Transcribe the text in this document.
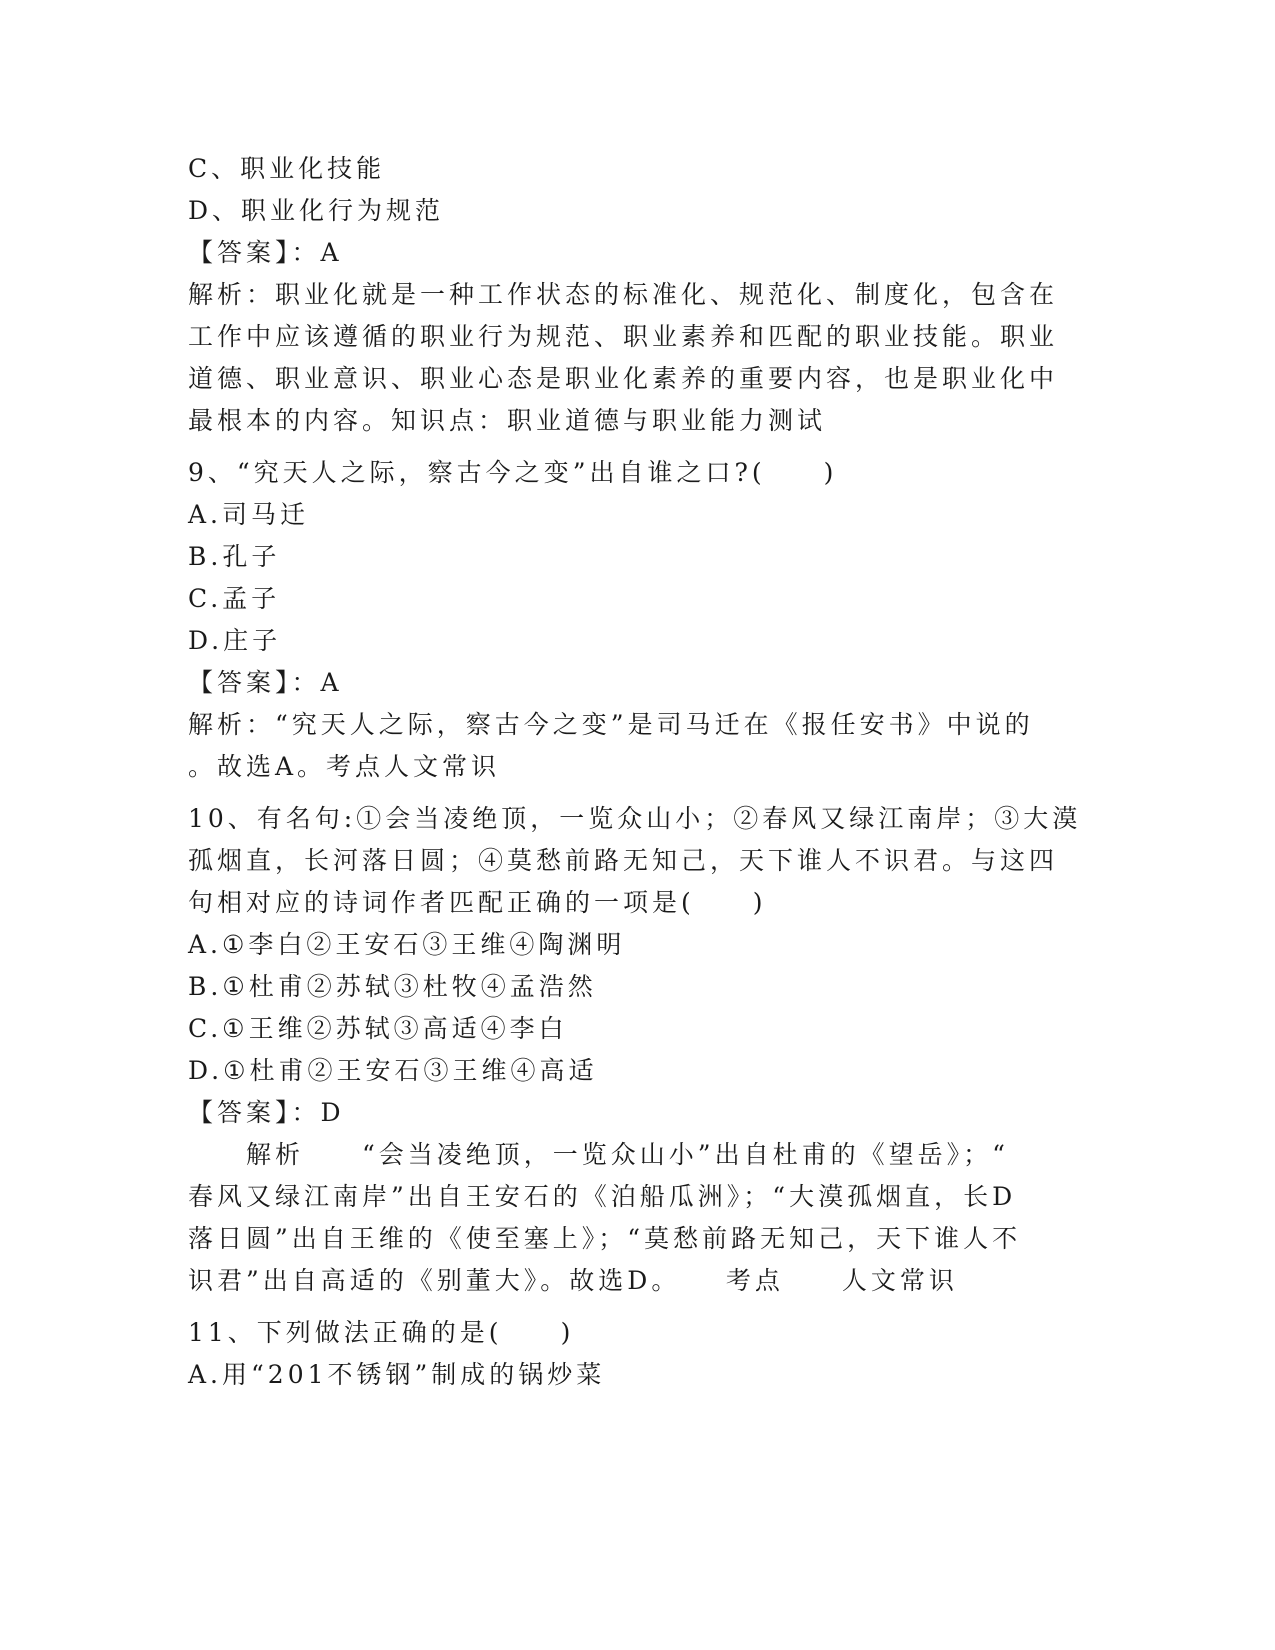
C、职业化技能
D、职业化行为规范
【答案】：A
解析：职业化就是一种工作状态的标准化、规范化、制度化，包含在
工作中应该遵循的职业行为规范、职业素养和匹配的职业技能。职业
道德、职业意识、职业心态是职业化素养的重要内容，也是职业化中
最根本的内容。知识点：职业道德与职业能力测试
9、“究天人之际，察古今之变”出自谁之口?(　　)
A.司马迁
B.孔子
C.孟子
D.庄子
【答案】：A
解析：“究天人之际，察古今之变”是司马迁在《报任安书》中说的
。故选A。考点人文常识
10、有名句:①会当凌绝顶，一览众山小；②春风又绿江南岸；③大漠
孤烟直，长河落日圆；④莫愁前路无知己，天下谁人不识君。与这四
句相对应的诗词作者匹配正确的一项是(　　)
A.①李白②王安石③王维④陶渊明
B.①杜甫②苏轼③杜牧④孟浩然
C.①王维②苏轼③高适④李白
D.①杜甫②王安石③王维④高适
【答案】：D
解析　　“会当凌绝顶，一览众山小”出自杜甫的《望岳》；“
春风又绿江南岸”出自王安石的《泊船瓜洲》；“大漠孤烟直，长D
落日圆”出自王维的《使至塞上》；“莫愁前路无知己，天下谁人不
识君”出自高适的《别董大》。故选D。　　考点　　人文常识
11、下列做法正确的是(　　)
A.用“201不锈钢”制成的锅炒菜
